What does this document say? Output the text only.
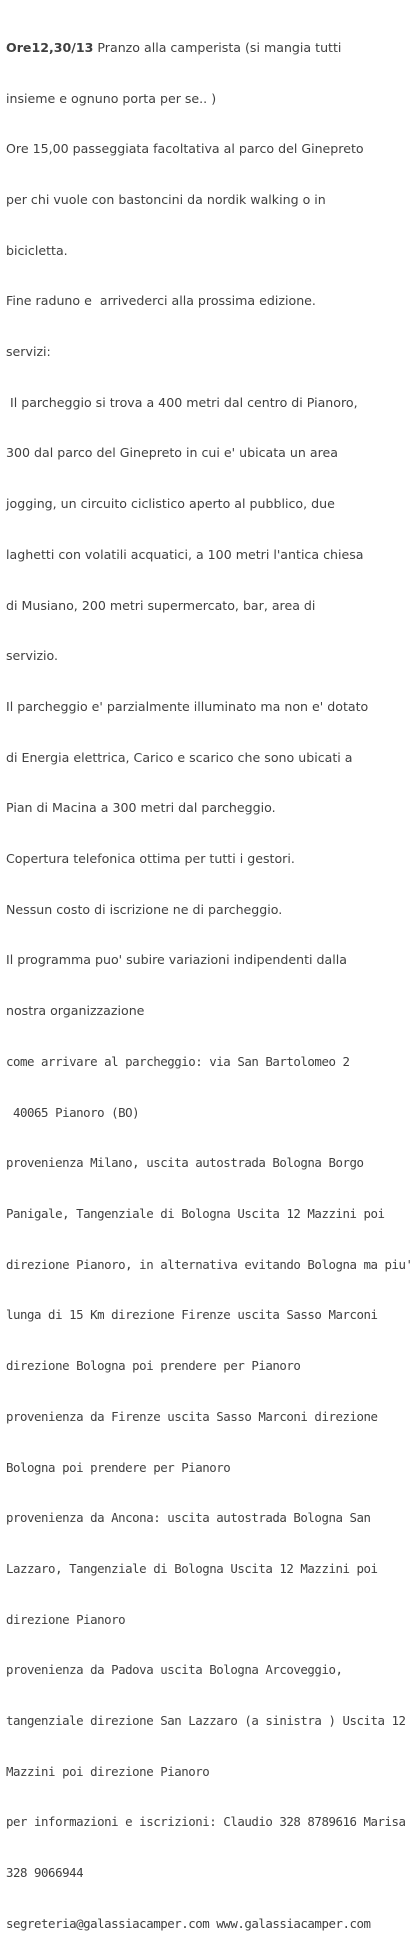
Ore12,30/13 Pranzo alla camperista (si mangia tutti

insieme e ognuno porta per se.. )

Ore 15,00 passeggiata facoltativa al parco del Ginepreto

per chi vuole con bastoncini da nordik walking o in

bicicletta.

Fine raduno e  arrivederci alla prossima edizione.

servizi:

Il parcheggio si trova a 400 metri dal centro di Pianoro,

300 dal parco del Ginepreto in cui e' ubicata un area

jogging, un circuito ciclistico aperto al pubblico, due

laghetti con volatili acquatici, a 100 metri l'antica chiesa

di Musiano, 200 metri supermercato, bar, area di

servizio.

Il parcheggio e' parzialmente illuminato ma non e' dotato

di Energia elettrica, Carico e scarico che sono ubicati a

Pian di Macina a 300 metri dal parcheggio.

Copertura telefonica ottima per tutti i gestori.

Nessun costo di iscrizione ne di parcheggio.

Il programma puo' subire variazioni indipendenti dalla

nostra organizzazione

come arrivare al parcheggio: via San Bartolomeo 2

40065 Pianoro (BO)

provenienza Milano, uscita autostrada Bologna Borgo

Panigale, Tangenziale di Bologna Uscita 12 Mazzini poi

direzione Pianoro, in alternativa evitando Bologna ma piu'

lunga di 15 Km direzione Firenze uscita Sasso Marconi

direzione Bologna poi prendere per Pianoro

provenienza da Firenze uscita Sasso Marconi direzione

Bologna poi prendere per Pianoro

provenienza da Ancona: uscita autostrada Bologna San

Lazzaro, Tangenziale di Bologna Uscita 12 Mazzini poi

direzione Pianoro

provenienza da Padova uscita Bologna Arcoveggio,

tangenziale direzione San Lazzaro (a sinistra ) Uscita 12

Mazzini poi direzione Pianoro

per informazioni e iscrizioni: Claudio 328 8789616 Marisa

328 9066944

segreteria@galassiacamper.com www.galassiacamper.com
